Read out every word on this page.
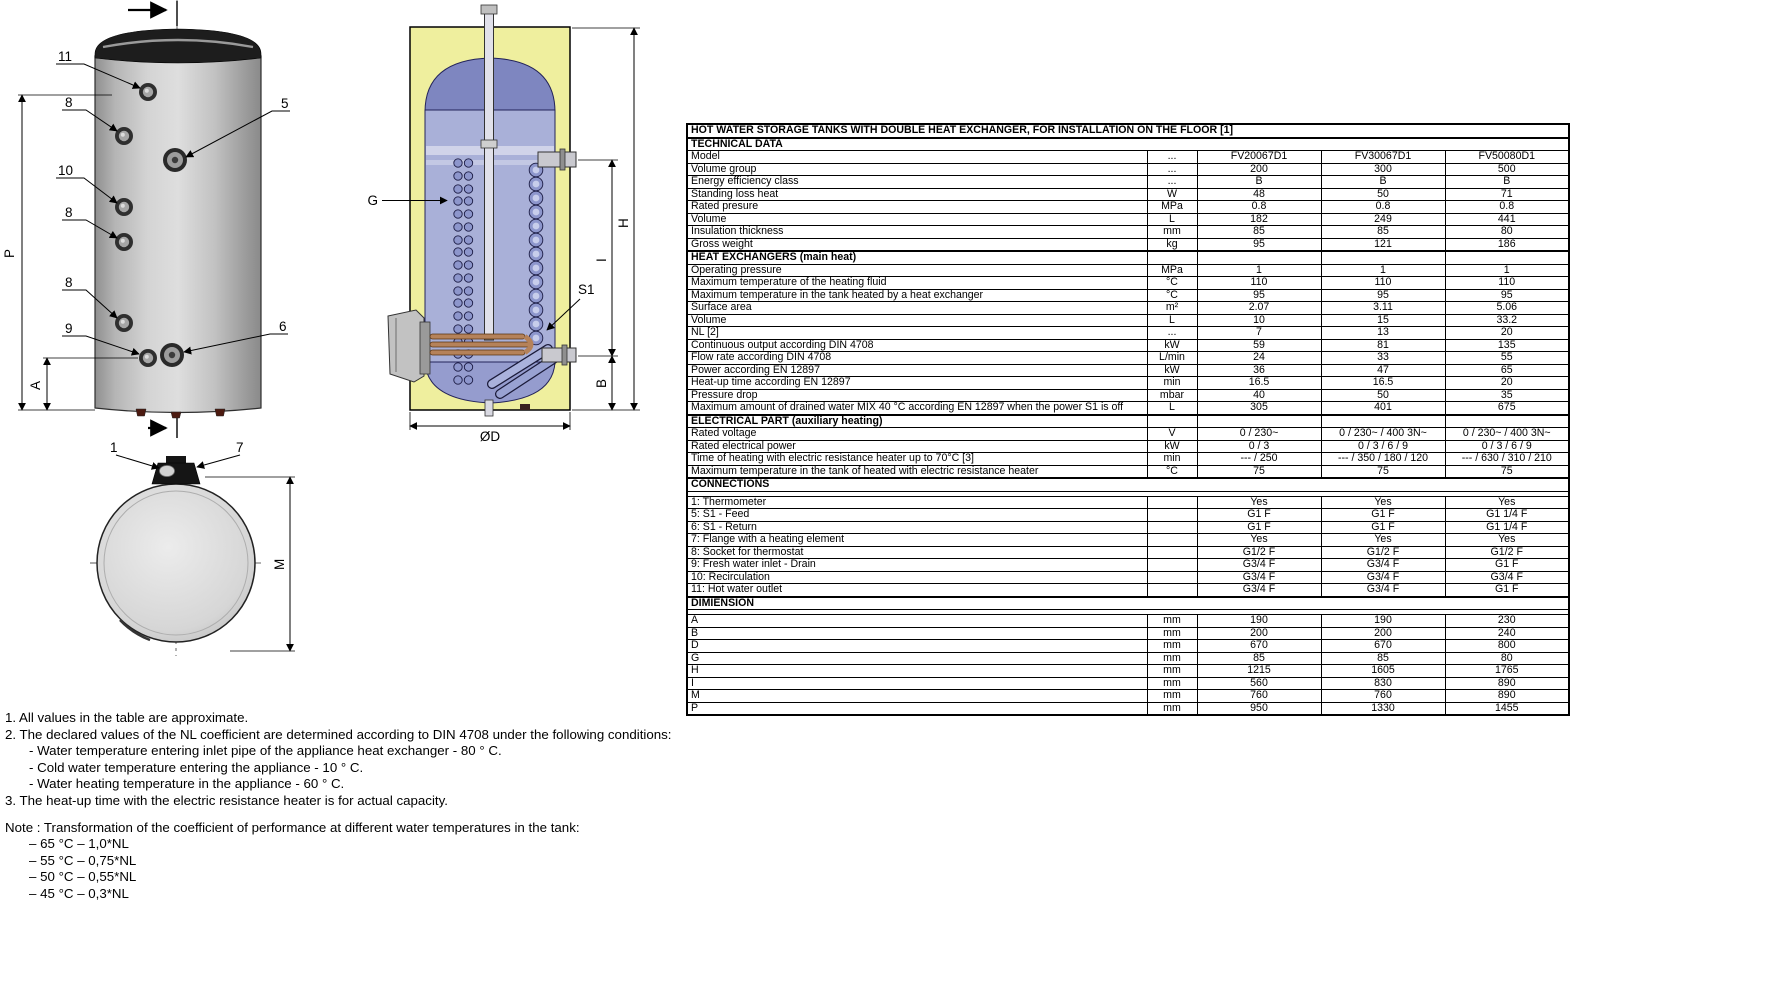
11
8	5
10
8
8
9	6
P
A
G
S1
H
I
B
ØD
1	7
M
HOT WATER STORAGE TANKS WITH DOUBLE HEAT EXCHANGER, FOR INSTALLATION ON THE FLOOR [1]				
TECHNICAL DATA				
Model	...	FV20067D1	FV30067D1	FV50080D1
Volume group	...	200	300	500
Energy efficiency class	...	B	B	B
Standing loss heat	W	48	50	71
Rated presure	MPa	0.8	0.8	0.8
Volume	L	182	249	441
Insulation thickness	mm	85	85	80
Gross weight	kg	95	121	186
HEAT EXCHANGERS (main heat)				
Operating pressure	MPa	1	1	1
Maximum temperature of the heating fluid	°C	110	110	110
Maximum temperature in the tank heated by a heat exchanger	°C	95	95	95
Surface area	m²	2.07	3.11	5.06
Volume	L	10	15	33.2
NL [2]	...	7	13	20
Continuous output according DIN 4708	kW	59	81	135
Flow rate according DIN 4708	L/min	24	33	55
Power according EN 12897	kW	36	47	65
Heat-up time according EN 12897	min	16.5	16.5	20
Pressure drop	mbar	40	50	35
Maximum amount of drained water MIX 40 °C according EN 12897 when the power S1 is off	L	305	401	675
ELECTRICAL PART (auxiliary heating)				
Rated voltage	V	0 / 230~	0 / 230~ / 400 3N~	0 / 230~ / 400 3N~
Rated electrical power	kW	0 / 3	0 / 3 / 6 / 9	0 / 3 / 6 / 9
Time of heating with electric resistance heater up to 70°C [3]	min	--- / 250	--- / 350 / 180 / 120	--- / 630 / 310 / 210
Maximum temperature in the tank of heated with electric resistance heater	°C	75	75	75
CONNECTIONS				

1: Thermometer		Yes	Yes	Yes
5: S1 - Feed		G1 F	G1 F	G1 1/4 F
6: S1 - Return		G1 F	G1 F	G1 1/4 F
7: Flange with a heating element		Yes	Yes	Yes
8: Socket for thermostat		G1/2 F	G1/2 F	G1/2 F
9: Fresh water inlet - Drain		G3/4 F	G3/4 F	G1 F
10: Recirculation		G3/4 F	G3/4 F	G3/4 F
11: Hot water outlet		G3/4 F	G3/4 F	G1 F
DIMIENSION				

A	mm	190	190	230
B	mm	200	200	240
D	mm	670	670	800
G	mm	85	85	80
H	mm	1215	1605	1765
I	mm	560	830	890
M	mm	760	760	890
P	mm	950	1330	1455
1. All values in the table are approximate.
2. The declared values of the NL coefficient are determined according to DIN 4708 under the following conditions:
- Water temperature entering inlet pipe of the appliance heat exchanger - 80 ° C.
- Cold water temperature entering the appliance - 10 ° C.
- Water heating temperature in the appliance - 60 ° C.
3. The heat-up time with the electric resistance heater is for actual capacity.
Note : Transformation of the coefficient of performance at different water temperatures in the tank:
– 65 °C – 1,0*NL
– 55 °C – 0,75*NL
– 50 °C – 0,55*NL
– 45 °C – 0,3*NL
